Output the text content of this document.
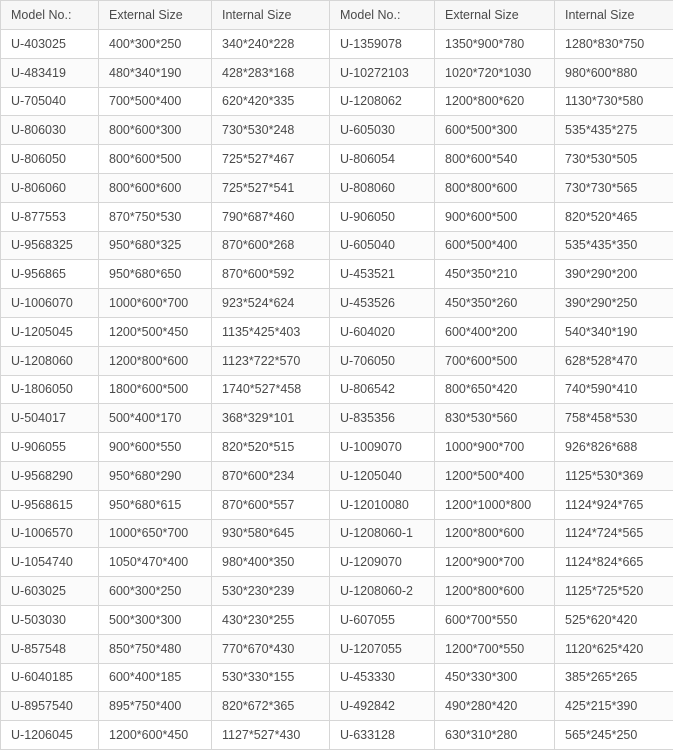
Model No.:	External Size	Internal Size	Model No.:	External Size	Internal Size
U-403025	400*300*250	340*240*228	U-1359078	1350*900*780	1280*830*750
U-483419	480*340*190	428*283*168	U-10272103	1020*720*1030	980*600*880
U-705040	700*500*400	620*420*335	U-1208062	1200*800*620	1130*730*580
U-806030	800*600*300	730*530*248	U-605030	600*500*300	535*435*275
U-806050	800*600*500	725*527*467	U-806054	800*600*540	730*530*505
U-806060	800*600*600	725*527*541	U-808060	800*800*600	730*730*565
U-877553	870*750*530	790*687*460	U-906050	900*600*500	820*520*465
U-9568325	950*680*325	870*600*268	U-605040	600*500*400	535*435*350
U-956865	950*680*650	870*600*592	U-453521	450*350*210	390*290*200
U-1006070	1000*600*700	923*524*624	U-453526	450*350*260	390*290*250
U-1205045	1200*500*450	1135*425*403	U-604020	600*400*200	540*340*190
U-1208060	1200*800*600	1123*722*570	U-706050	700*600*500	628*528*470
U-1806050	1800*600*500	1740*527*458	U-806542	800*650*420	740*590*410
U-504017	500*400*170	368*329*101	U-835356	830*530*560	758*458*530
U-906055	900*600*550	820*520*515	U-1009070	1000*900*700	926*826*688
U-9568290	950*680*290	870*600*234	U-1205040	1200*500*400	1125*530*369
U-9568615	950*680*615	870*600*557	U-12010080	1200*1000*800	1124*924*765
U-1006570	1000*650*700	930*580*645	U-1208060-1	1200*800*600	1124*724*565
U-1054740	1050*470*400	980*400*350	U-1209070	1200*900*700	1124*824*665
U-603025	600*300*250	530*230*239	U-1208060-2	1200*800*600	1125*725*520
U-503030	500*300*300	430*230*255	U-607055	600*700*550	525*620*420
U-857548	850*750*480	770*670*430	U-1207055	1200*700*550	1120*625*420
U-6040185	600*400*185	530*330*155	U-453330	450*330*300	385*265*265
U-8957540	895*750*400	820*672*365	U-492842	490*280*420	425*215*390
U-1206045	1200*600*450	1127*527*430	U-633128	630*310*280	565*245*250
